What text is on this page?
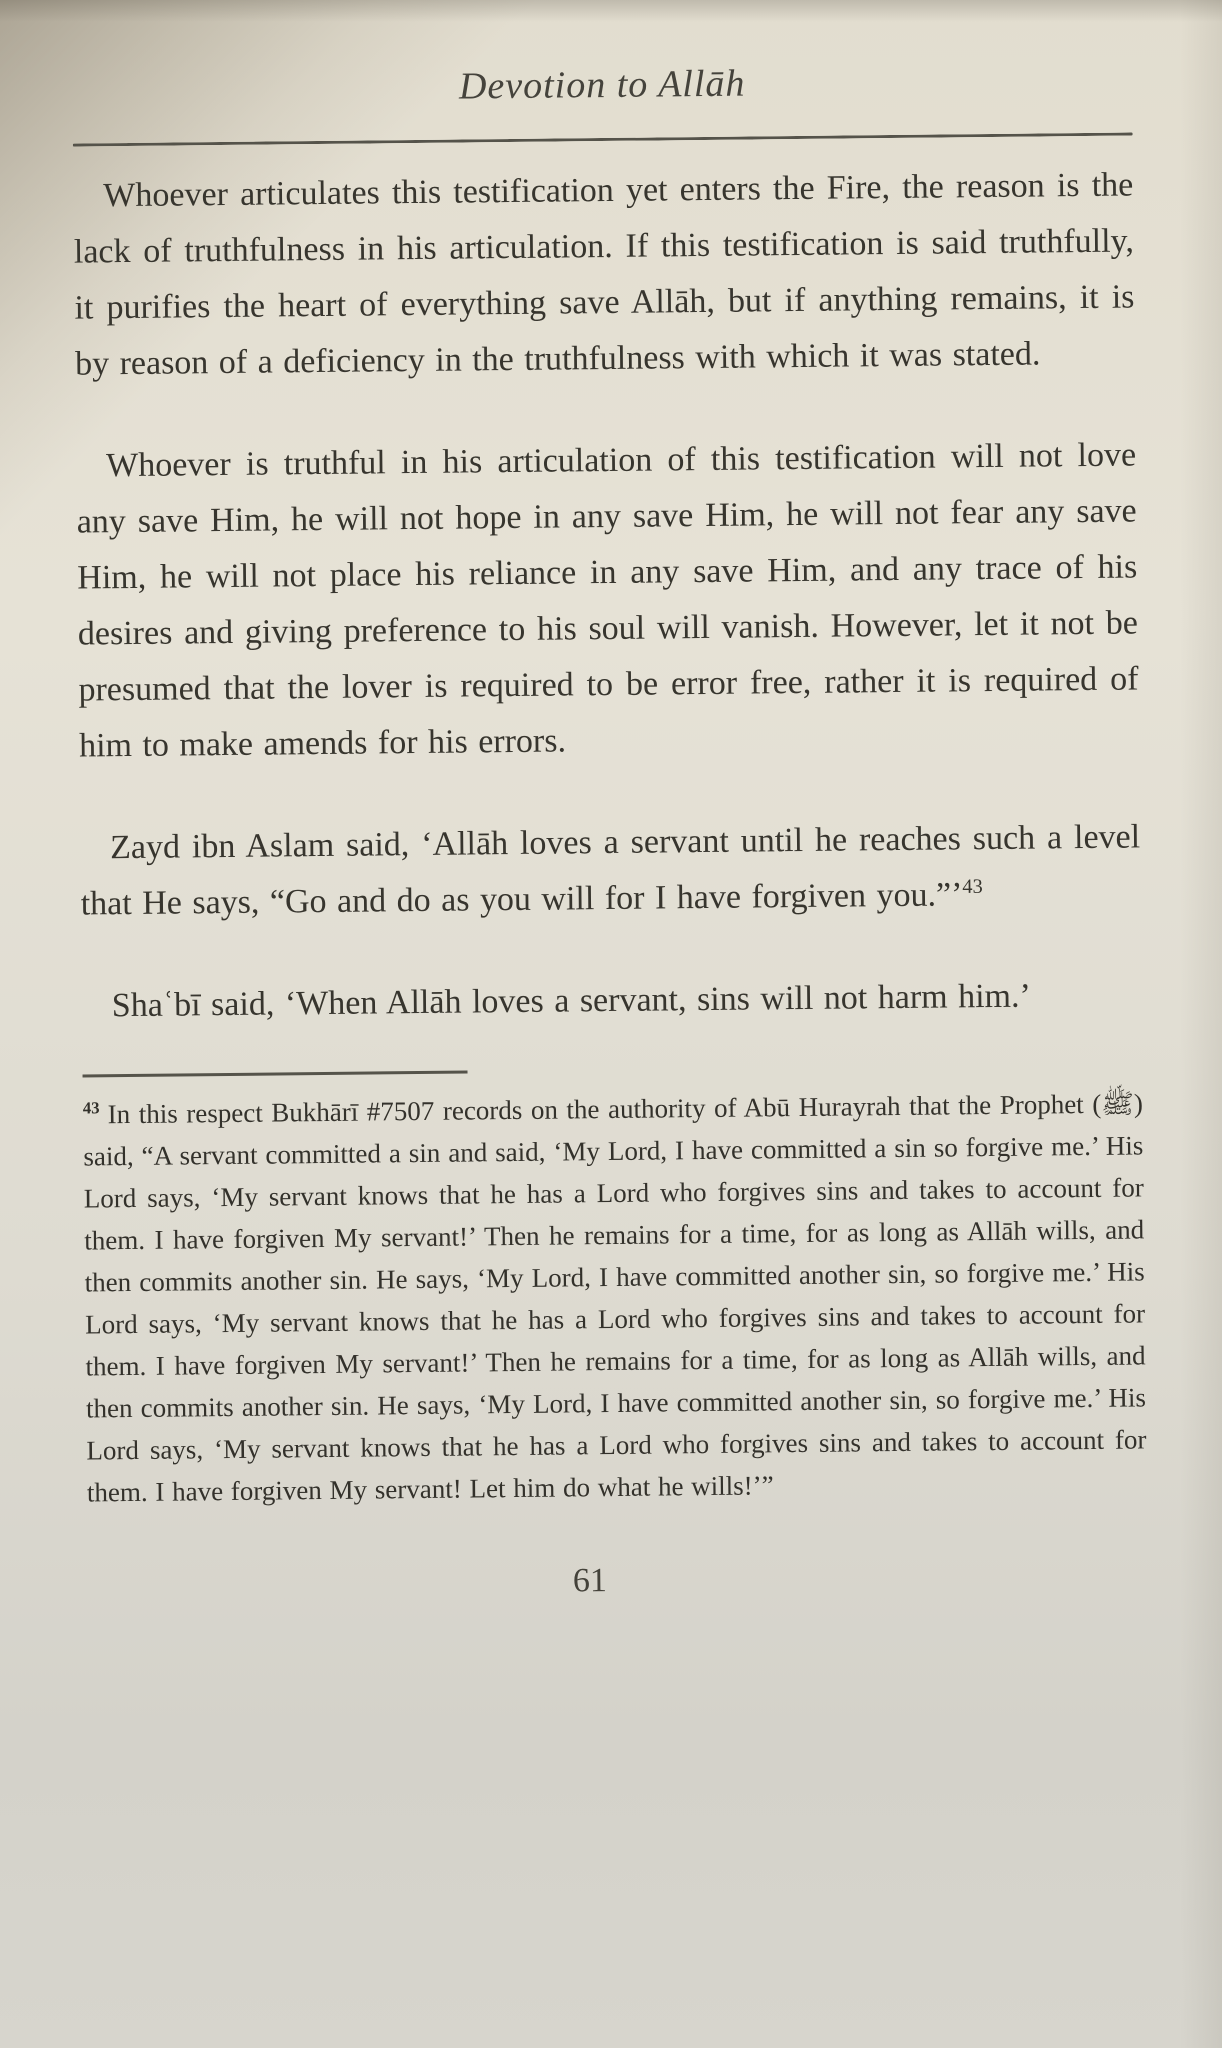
Devotion to Allāh

Whoever articulates this testification yet enters the Fire, the reason is the lack of truthfulness in his articulation. If this testification is said truthfully, it purifies the heart of everything save Allāh, but if anything remains, it is by reason of a deficiency in the truthfulness with which it was stated.

Whoever is truthful in his articulation of this testification will not love any save Him, he will not hope in any save Him, he will not fear any save Him, he will not place his reliance in any save Him, and any trace of his desires and giving preference to his soul will vanish. However, let it not be presumed that the lover is required to be error free, rather it is required of him to make amends for his errors.

Zayd ibn Aslam said, ‘Allāh loves a servant until he reaches such a level that He says, “Go and do as you will for I have forgiven you.”’$^{43}$

Shaʿbī said, ‘When Allāh loves a servant, sins will not harm him.’

$^{43}$ In this respect Bukhārī #7507 records on the authority of Abū Hurayrah that the Prophet (ﷺ) said, “A servant committed a sin and said, ‘My Lord, I have committed a sin so forgive me.’ His Lord says, ‘My servant knows that he has a Lord who forgives sins and takes to account for them. I have forgiven My servant!’ Then he remains for a time, for as long as Allāh wills, and then commits another sin. He says, ‘My Lord, I have committed another sin, so forgive me.’ His Lord says, ‘My servant knows that he has a Lord who forgives sins and takes to account for them. I have forgiven My servant!’ Then he remains for a time, for as long as Allāh wills, and then commits another sin. He says, ‘My Lord, I have committed another sin, so forgive me.’ His Lord says, ‘My servant knows that he has a Lord who forgives sins and takes to account for them. I have forgiven My servant! Let him do what he wills!’”

61
